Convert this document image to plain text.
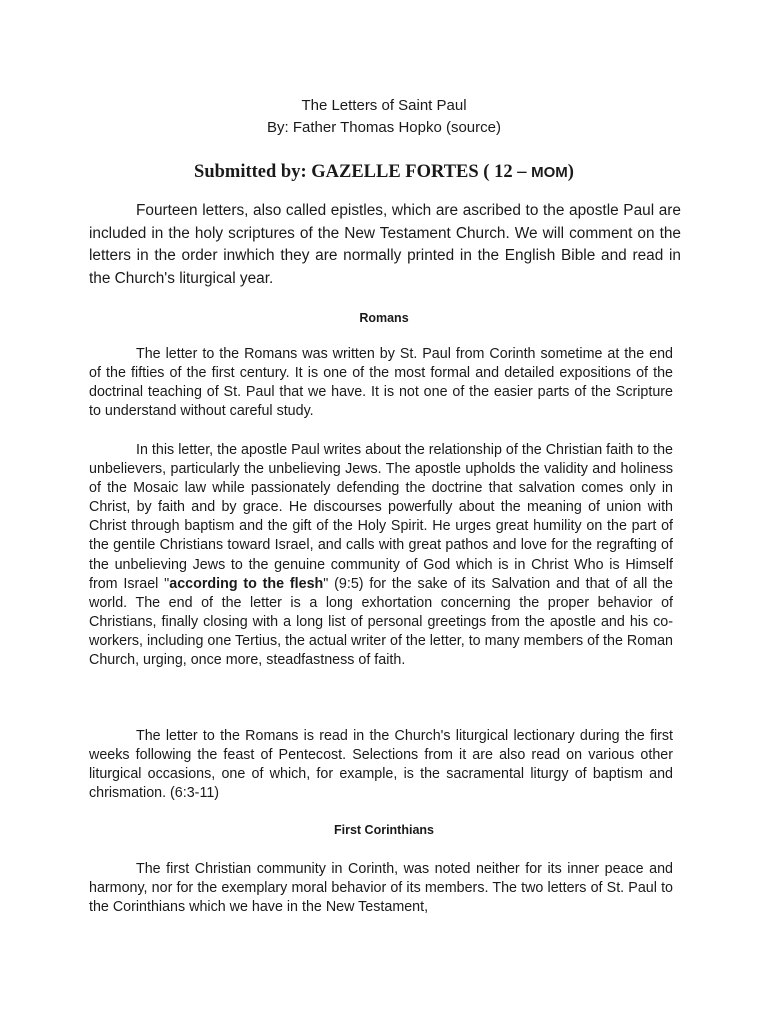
The Letters of Saint Paul
By: Father Thomas Hopko (source)
Submitted by: GAZELLE FORTES ( 12 – MOM)

Fourteen letters, also called epistles, which are ascribed to the apostle Paul are included in the holy scriptures of the New Testament Church. We will comment on the letters in the order inwhich they are normally printed in the English Bible and read in the Church's liturgical year.

Romans

The letter to the Romans was written by St. Paul from Corinth sometime at the end of the fifties of the first century. It is one of the most formal and detailed expositions of the doctrinal teaching of St. Paul that we have. It is not one of the easier parts of the Scripture to understand without careful study.

In this letter, the apostle Paul writes about the relationship of the Christian faith to the unbelievers, particularly the unbelieving Jews. The apostle upholds the validity and holiness of the Mosaic law while passionately defending the doctrine that salvation comes only in Christ, by faith and by grace. He discourses powerfully about the meaning of union with Christ through baptism and the gift of the Holy Spirit. He urges great humility on the part of the gentile Christians toward Israel, and calls with great pathos and love for the regrafting of the unbelieving Jews to the genuine community of God which is in Christ Who is Himself from Israel "according to the flesh" (9:5) for the sake of its Salvation and that of all the world. The end of the letter is a long exhortation concerning the proper behavior of Christians, finally closing with a long list of personal greetings from the apostle and his co-workers, including one Tertius, the actual writer of the letter, to many members of the Roman Church, urging, once more, steadfastness of faith.

The letter to the Romans is read in the Church's liturgical lectionary during the first weeks following the feast of Pentecost. Selections from it are also read on various other liturgical occasions, one of which, for example, is the sacramental liturgy of baptism and chrismation. (6:3-11)

First Corinthians

The first Christian community in Corinth, was noted neither for its inner peace and harmony, nor for the exemplary moral behavior of its members. The two letters of St. Paul to the Corinthians which we have in the New Testament,
